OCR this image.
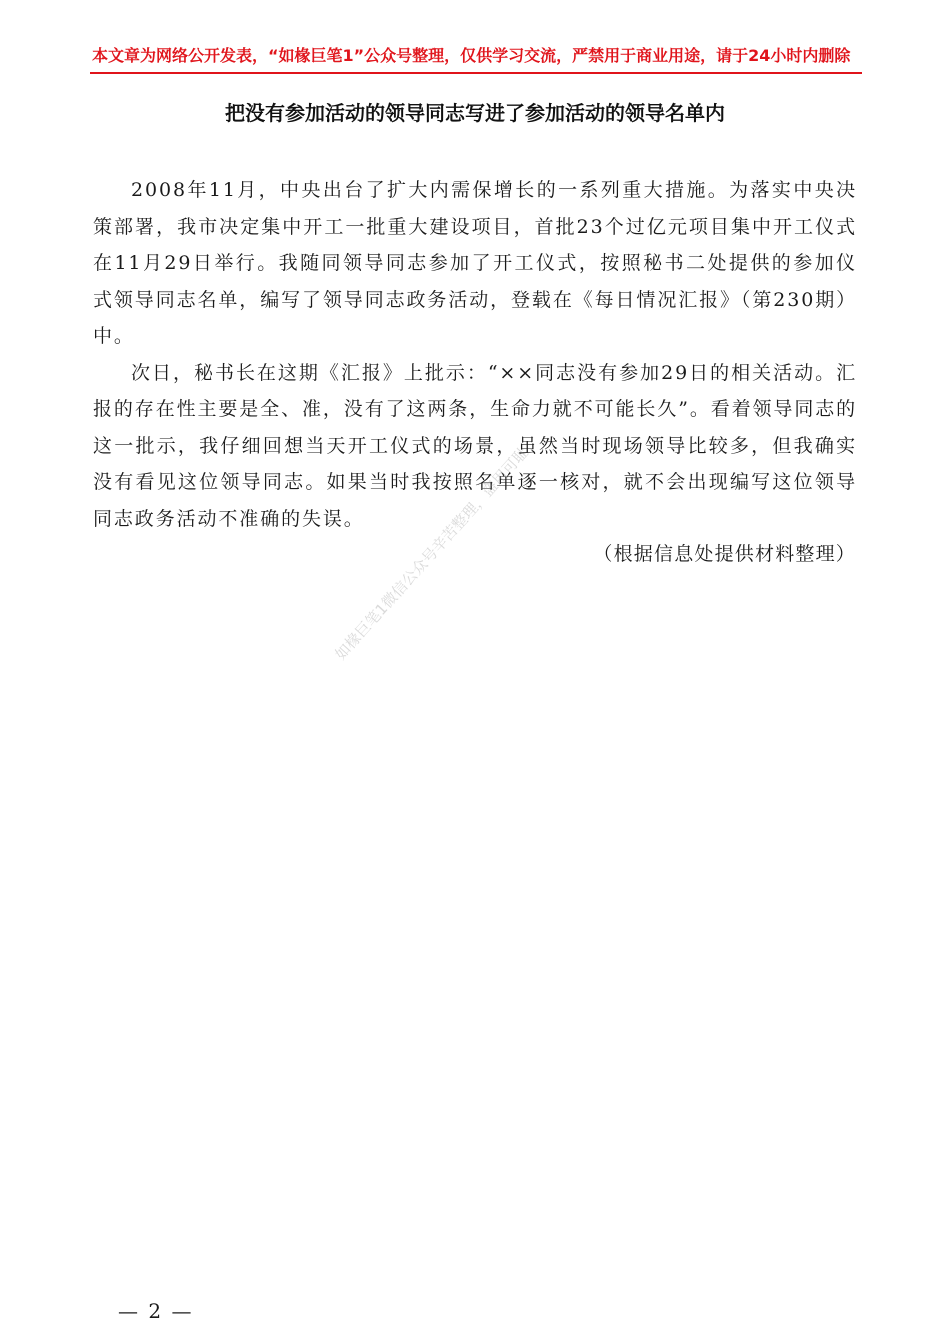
本文章为网络公开发表，“如椽巨笔1”公众号整理，仅供学习交流，严禁用于商业用途，请于24小时内删除
把没有参加活动的领导同志写进了参加活动的领导名单内

2008年11月，中央出台了扩大内需保增长的一系列重大措施。为落实中央决策部署，我市决定集中开工一批重大建设项目，首批23个过亿元项目集中开工仪式在11月29日举行。我随同领导同志参加了开工仪式，按照秘书二处提供的参加仪式领导同志名单，编写了领导同志政务活动，登载在《每日情况汇报》（第230期）中。

次日，秘书长在这期《汇报》上批示：“××同志没有参加29日的相关活动。汇报的存在性主要是全、准，没有了这两条，生命力就不可能长久”。看着领导同志的这一批示，我仔细回想当天开工仪式的场景，虽然当时现场领导比较多，但我确实没有看见这位领导同志。如果当时我按照名单逐一核对，就不会出现编写这位领导同志政务活动不准确的失误。

（根据信息处提供材料整理）
如椽巨笔1微信公众号辛苦整理，盗用可耻
— 2 —
